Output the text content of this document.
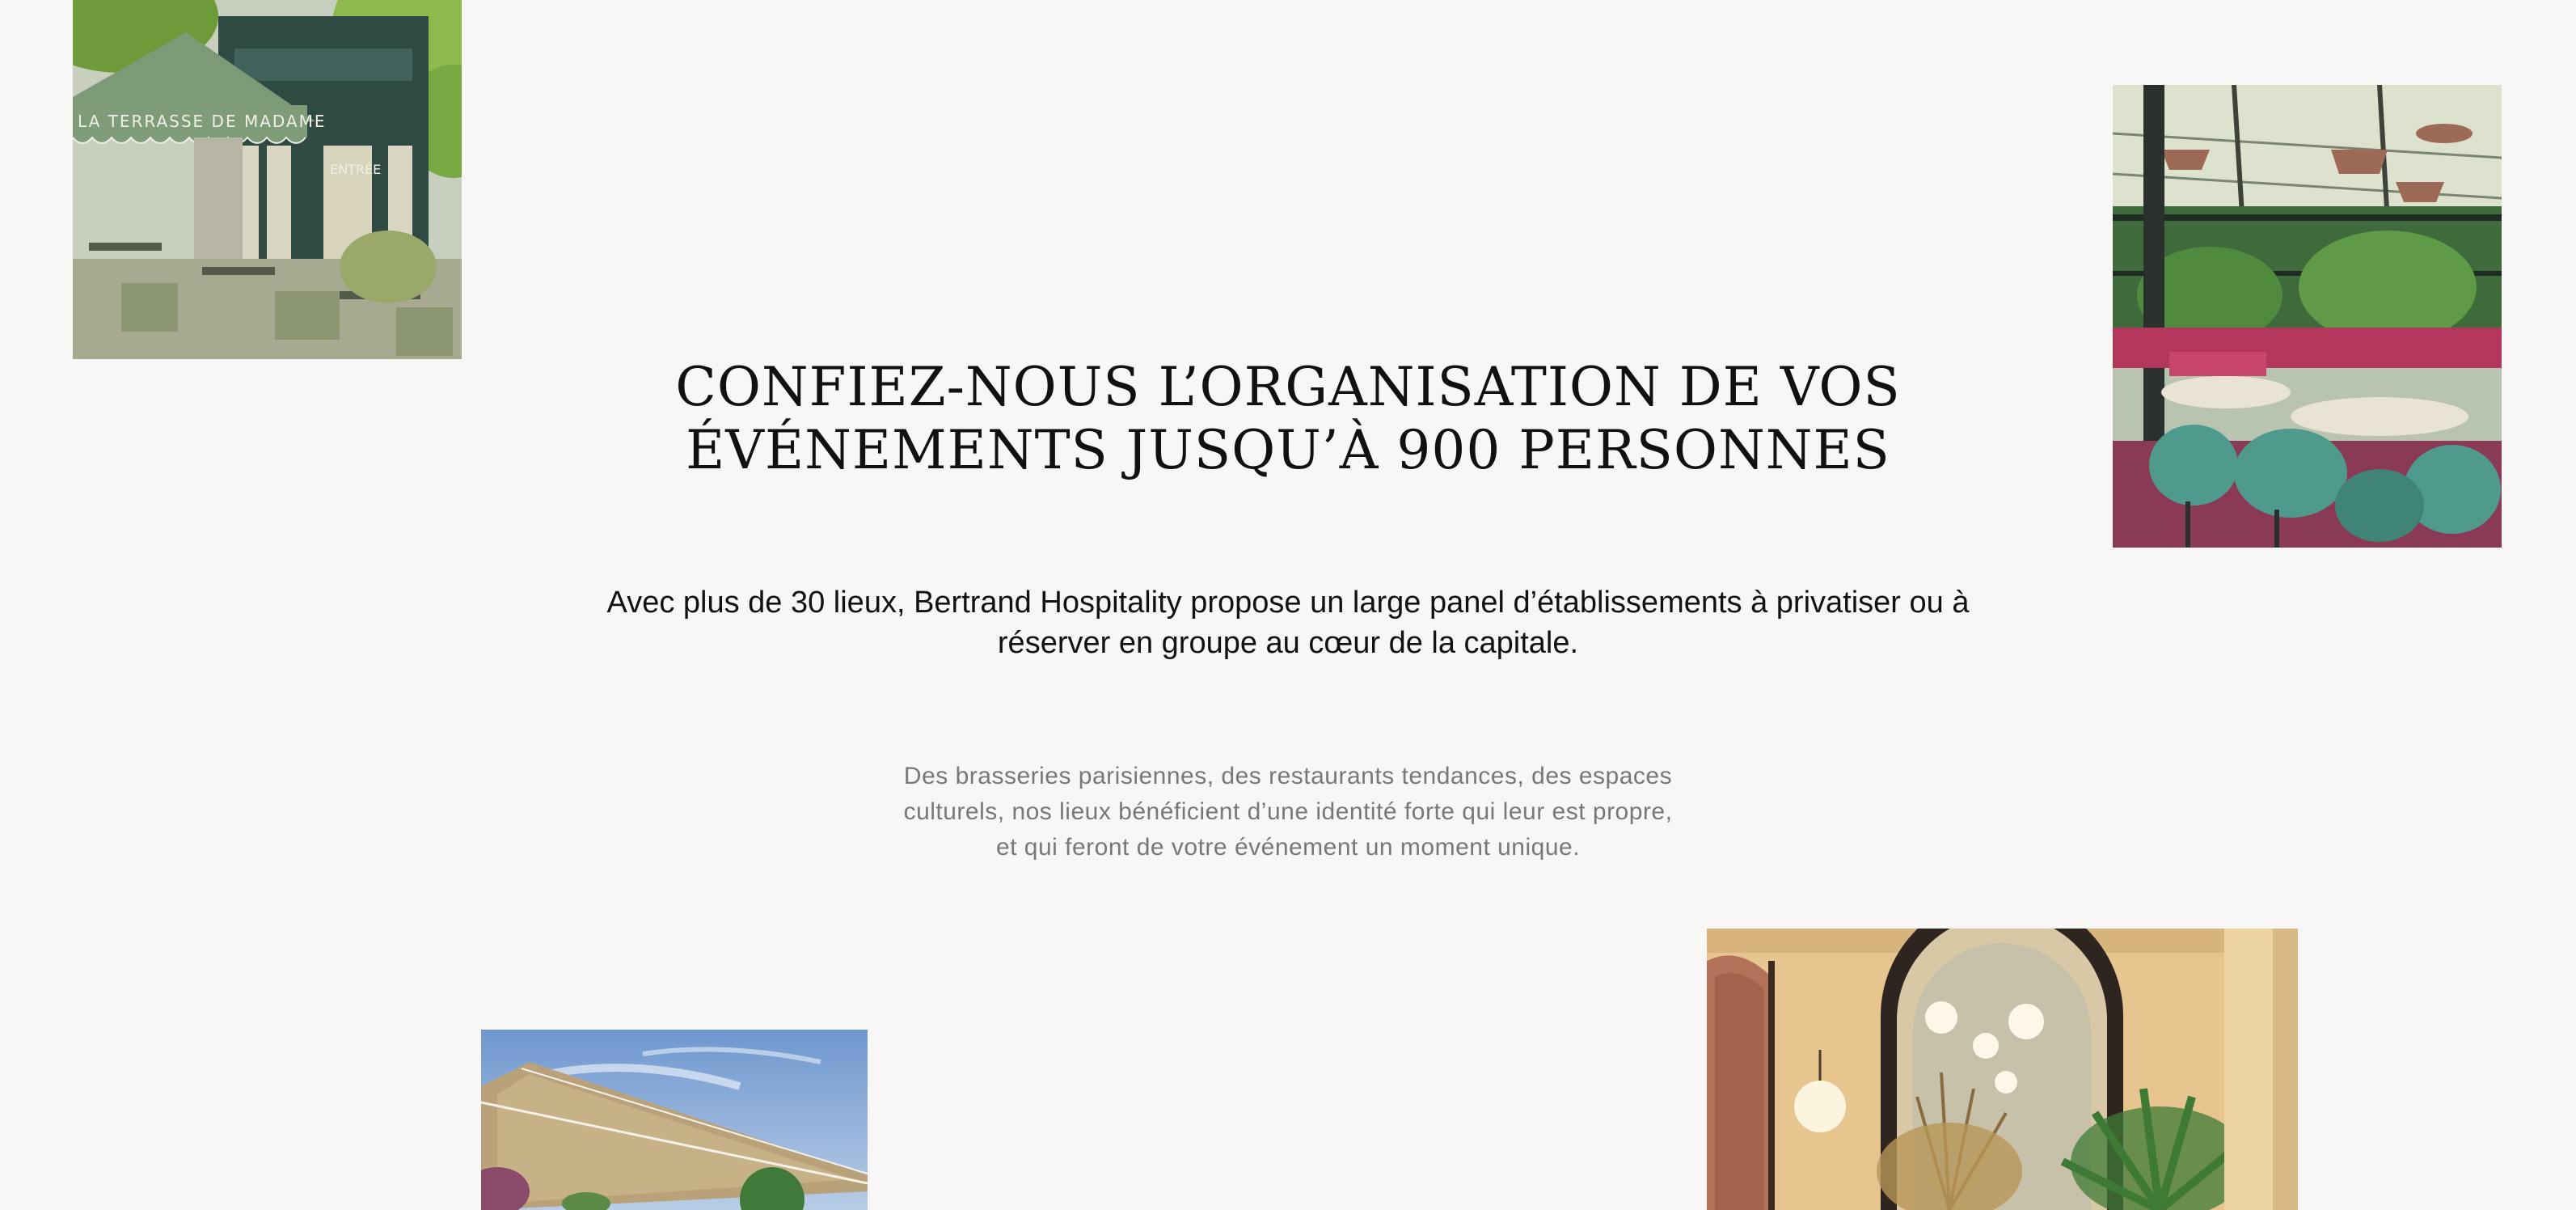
LA TERRASSE DE MADAME
ENTRÉE
CONFIEZ-NOUS L’ORGANISATION DE VOS
ÉVÉNEMENTS JUSQU’À 900 PERSONNES

Avec plus de 30 lieux, Bertrand Hospitality propose un large panel d’établissements à privatiser ou à
réserver en groupe au cœur de la capitale.

Des brasseries parisiennes, des restaurants tendances, des espaces
culturels, nos lieux bénéficient d’une identité forte qui leur est propre,
et qui feront de votre événement un moment unique.
